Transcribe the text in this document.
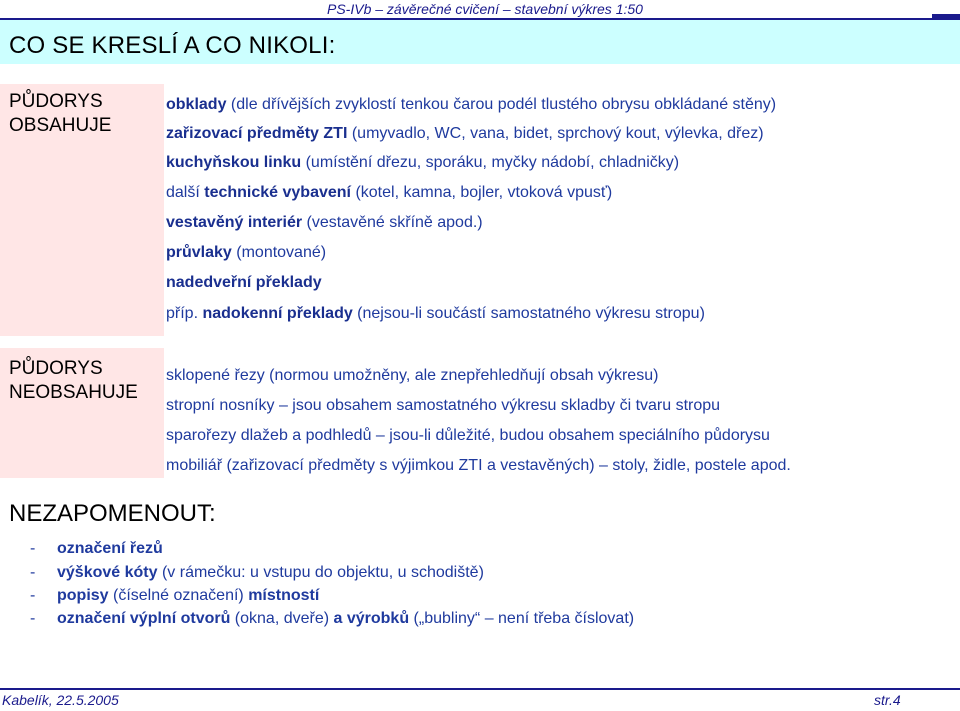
PS-IVb – závěrečné cvičení – stavební výkres 1:50
CO SE KRESLÍ A CO NIKOLI:
PŮDORYS
OBSAHUJE
obklady (dle dřívějších zvyklostí tenkou čarou podél tlustého obrysu obkládané stěny)
zařizovací předměty ZTI (umyvadlo, WC, vana, bidet, sprchový kout, výlevka, dřez)
kuchyňskou linku (umístění dřezu, sporáku, myčky nádobí, chladničky)
další technické vybavení (kotel, kamna, bojler, vtoková vpusť)
vestavěný interiér (vestavěné skříně apod.)
průvlaky (montované)
nadedveřní překlady
příp. nadokenní překlady (nejsou-li součástí samostatného výkresu stropu)
PŮDORYS
NEOBSAHUJE
sklopené řezy (normou umožněny, ale znepřehledňují obsah výkresu)
stropní nosníky – jsou obsahem samostatného výkresu skladby či tvaru stropu
sparořezy dlažeb a podhledů – jsou-li důležité, budou obsahem speciálního půdorysu
mobiliář (zařizovací předměty s výjimkou ZTI a vestavěných) – stoly, židle, postele apod.
NEZAPOMENOUT:
- označení řezů
- výškové kóty (v rámečku: u vstupu do objektu, u schodiště)
- popisy (číselné označení) místností
- označení výplní otvorů (okna, dveře) a výrobků („bubliny“ – není třeba číslovat)
Kabelík, 22.5.2005	str.4
